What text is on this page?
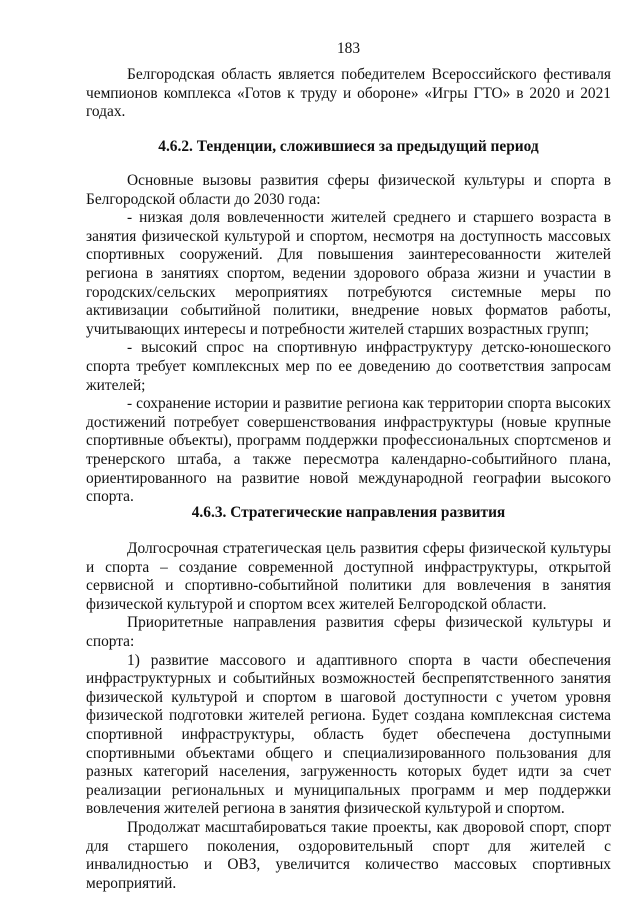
183

Белгородская область является победителем Всероссийского фестиваля чемпионов комплекса «Готов к труду и обороне» «Игры ГТО» в 2020 и 2021 годах.

4.6.2. Тенденции, сложившиеся за предыдущий период

Основные вызовы развития сферы физической культуры и спорта в Белгородской области до 2030 года:

- низкая доля вовлеченности жителей среднего и старшего возраста в занятия физической культурой и спортом, несмотря на доступность массовых спортивных сооружений. Для повышения заинтересованности жителей региона в занятиях спортом, ведении здорового образа жизни и участии в городских/сельских мероприятиях потребуются системные меры по активизации событийной политики, внедрение новых форматов работы, учитывающих интересы и потребности жителей старших возрастных групп;

- высокий спрос на спортивную инфраструктуру детско-юношеского спорта требует комплексных мер по ее доведению до соответствия запросам жителей;

- сохранение истории и развитие региона как территории спорта высоких достижений потребует совершенствования инфраструктуры (новые крупные спортивные объекты), программ поддержки профессиональных спортсменов и тренерского штаба, а также пересмотра календарно-событийного плана, ориентированного на развитие новой международной географии высокого спорта.

4.6.3. Стратегические направления развития

Долгосрочная стратегическая цель развития сферы физической культуры и спорта – создание современной доступной инфраструктуры, открытой сервисной и спортивно-событийной политики для вовлечения в занятия физической культурой и спортом всех жителей Белгородской области.

Приоритетные направления развития сферы физической культуры и спорта:

1) развитие массового и адаптивного спорта в части обеспечения инфраструктурных и событийных возможностей беспрепятственного занятия физической культурой и спортом в шаговой доступности с учетом уровня физической подготовки жителей региона. Будет создана комплексная система спортивной инфраструктуры, область будет обеспечена доступными спортивными объектами общего и специализированного пользования для разных категорий населения, загруженность которых будет идти за счет реализации региональных и муниципальных программ и мер поддержки вовлечения жителей региона в занятия физической культурой и спортом.

Продолжат масштабироваться такие проекты, как дворовой спорт, спорт для старшего поколения, оздоровительный спорт для жителей с инвалидностью и ОВЗ, увеличится количество массовых спортивных мероприятий.
